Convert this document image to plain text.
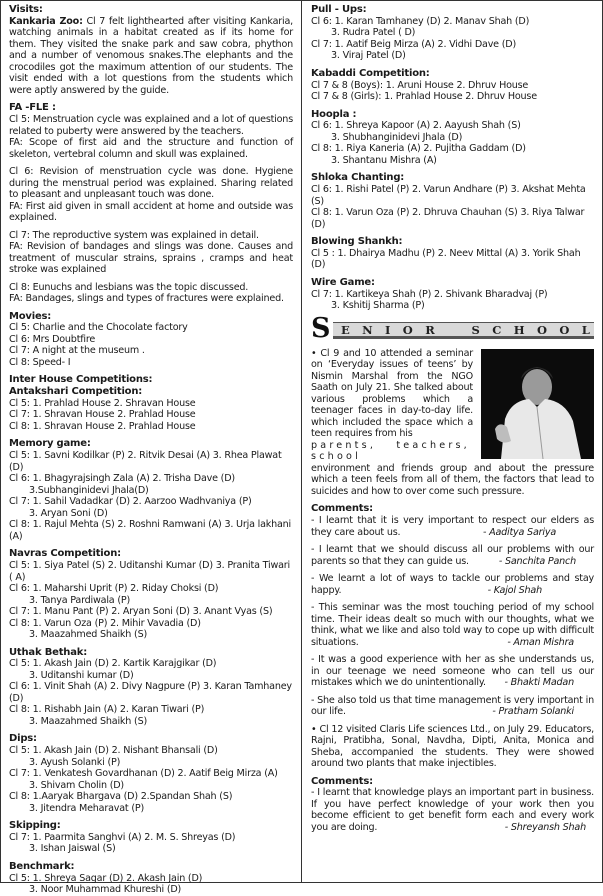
Visits:
Kankaria Zoo: Cl 7 felt lighthearted after visiting Kankaria, watching animals in a habitat created as if its home for them. They visited the snake park and saw cobra, phython and a number of venomous snakes.The elephants and the crocodiles got the maximum attention of our students. The visit ended with a lot questions from the students which were aptly answered by the guide.
FA -FLE :
Cl 5: Menstruation cycle was explained and a lot of questions related to puberty were answered by the teachers.
FA: Scope of first aid and the structure and function of skeleton, vertebral column and skull was explained.
Cl 6: Revision of menstruation cycle was done. Hygiene during the menstrual period was explained. Sharing related to pleasant and unpleasant touch was done.
FA: First aid given in small accident at home and outside was explained.
Cl 7: The reproductive system was explained in detail.
FA: Revision of bandages and slings was done. Causes and treatment of muscular strains, sprains , cramps and heat stroke was explained
Cl 8: Eunuchs and lesbians was the topic discussed.
FA: Bandages, slings and types of fractures were explained.
Movies:
Cl 5: Charlie and the Chocolate factory
Cl 6: Mrs Doubtfire
Cl 7: A night at the museum .
Cl 8: Speed- I
Inter House Competitions:
Antakshari Competition:
Cl 5: 1. Prahlad House 2. Shravan House
Cl 7: 1. Shravan House 2. Prahlad House
Cl 8: 1. Shravan House 2. Prahlad House
Memory game:
Cl 5: 1. Savni Kodilkar (P) 2. Ritvik Desai (A) 3. Rhea Plawat (D)
Cl 6: 1. Bhagyrajsingh Zala (A) 2. Trisha Dave (D)
3.Subhanginidevi Jhala(D)
Cl 7: 1. Sahil Vadadkar (D) 2. Aarzoo Wadhvaniya (P)
3. Aryan Soni (D)
Cl 8: 1. Rajul Mehta (S) 2. Roshni Ramwani (A) 3. Urja lakhani (A)
Navras Competition:
Cl 5: 1. Siya Patel (S) 2. Uditanshi Kumar (D) 3. Pranita Tiwari ( A)
Cl 6: 1. Maharshi Uprit (P) 2. Riday Choksi (D)
3. Tanya Pardiwala (P)
Cl 7: 1. Manu Pant (P) 2. Aryan Soni (D) 3. Anant Vyas (S)
Cl 8: 1. Varun Oza (P) 2. Mihir Vavadia (D)
3. Maazahmed Shaikh (S)
Uthak Bethak:
Cl 5: 1. Akash Jain (D) 2. Kartik Karajgikar (D)
3. Uditanshi kumar (D)
Cl 6: 1. Vinit Shah (A) 2. Divy Nagpure (P) 3. Karan Tamhaney (D)
Cl 8: 1. Rishabh Jain (A) 2. Karan Tiwari (P)
3. Maazahmed Shaikh (S)
Dips:
Cl 5: 1. Akash Jain (D) 2. Nishant Bhansali (D)
3. Ayush Solanki (P)
Cl 7: 1. Venkatesh Govardhanan (D) 2. Aatif Beig Mirza (A)
3. Shivam Cholin (D)
Cl 8: 1.Aaryak Bhargava (D) 2.Spandan Shah (S)
3. Jitendra Meharavat (P)
Skipping:
Cl 7: 1. Paarmita Sanghvi (A) 2. M. S. Shreyas (D)
3. Ishan Jaiswal (S)
Benchmark:
Cl 5: 1. Shreya Sagar (D) 2. Akash Jain (D)
3. Noor Muhammad Khureshi (D)
Pull - Ups:
Cl 6: 1. Karan Tamhaney (D) 2. Manav Shah (D)
3. Rudra Patel ( D)
Cl 7: 1. Aatif Beig Mirza (A) 2. Vidhi Dave (D)
3. Viraj Patel (D)
Kabaddi Competition:
Cl 7 & 8 (Boys): 1. Aruni House 2. Dhruv House
Cl 7 & 8 (Girls): 1. Prahlad House 2. Dhruv House
Hoopla :
Cl 6: 1. Shreya Kapoor (A) 2. Aayush Shah (S)
3. Shubhanginidevi Jhala (D)
Cl 8: 1. Riya Kaneria (A) 2. Pujitha Gaddam (D)
3. Shantanu Mishra (A)
Shloka Chanting:
Cl 6: 1. Rishi Patel (P) 2. Varun Andhare (P) 3. Akshat Mehta (S)
Cl 8: 1. Varun Oza (P) 2. Dhruva Chauhan (S) 3. Riya Talwar (D)
Blowing Shankh:
Cl 5 : 1. Dhairya Madhu (P) 2. Neev Mittal (A) 3. Yorik Shah (D)
Wire Game:
Cl 7: 1. Kartikeya Shah (P) 2. Shivank Bharadvaj (P)
3. Kshitij Sharma (P)
S E N I O R	S C H O O L
• Cl 9 and 10 attended a seminar on ‘Everyday issues of teens’ by Nismin Marshal from the NGO Saath on July 21. She talked about various problems which a teenager faces in day-to-day life. which included the space which a teen requires from his
parents, teachers, school
environment and friends group and about the pressure which a teen feels from all of them, the factors that lead to suicides and how to over come such pressure.
Comments:
- I learnt that it is very important to respect our elders as they care about us.	- Aaditya Sariya
- I learnt that we should discuss all our problems with our parents so that they can guide us.	- Sanchita Panch
- We learnt a lot of ways to tackle our problems and stay happy.	- Kajol Shah
- This seminar was the most touching period of my school time. Their ideas dealt so much with our thoughts, what we think, what we like and also told way to cope up with difficult situations.	- Aman Mishra
- It was a good experience with her as she understands us, in our teenage we need someone who can tell us our mistakes which we do unintentionally.	- Bhakti Madan
- She also told us that time management is very important in our life.	- Pratham Solanki
• Cl 12 visited Claris Life sciences Ltd., on July 29. Educators, Rajni, Pratibha, Sonal, Navdha, Dipti, Anita, Monica and Sheba, accompanied the students. They were showed around two plants that make injectibles.
Comments:
- I learnt that knowledge plays an important part in business. If you have perfect knowledge of your work then you become efficient to get benefit form each and every work you are doing.	- Shreyansh Shah
